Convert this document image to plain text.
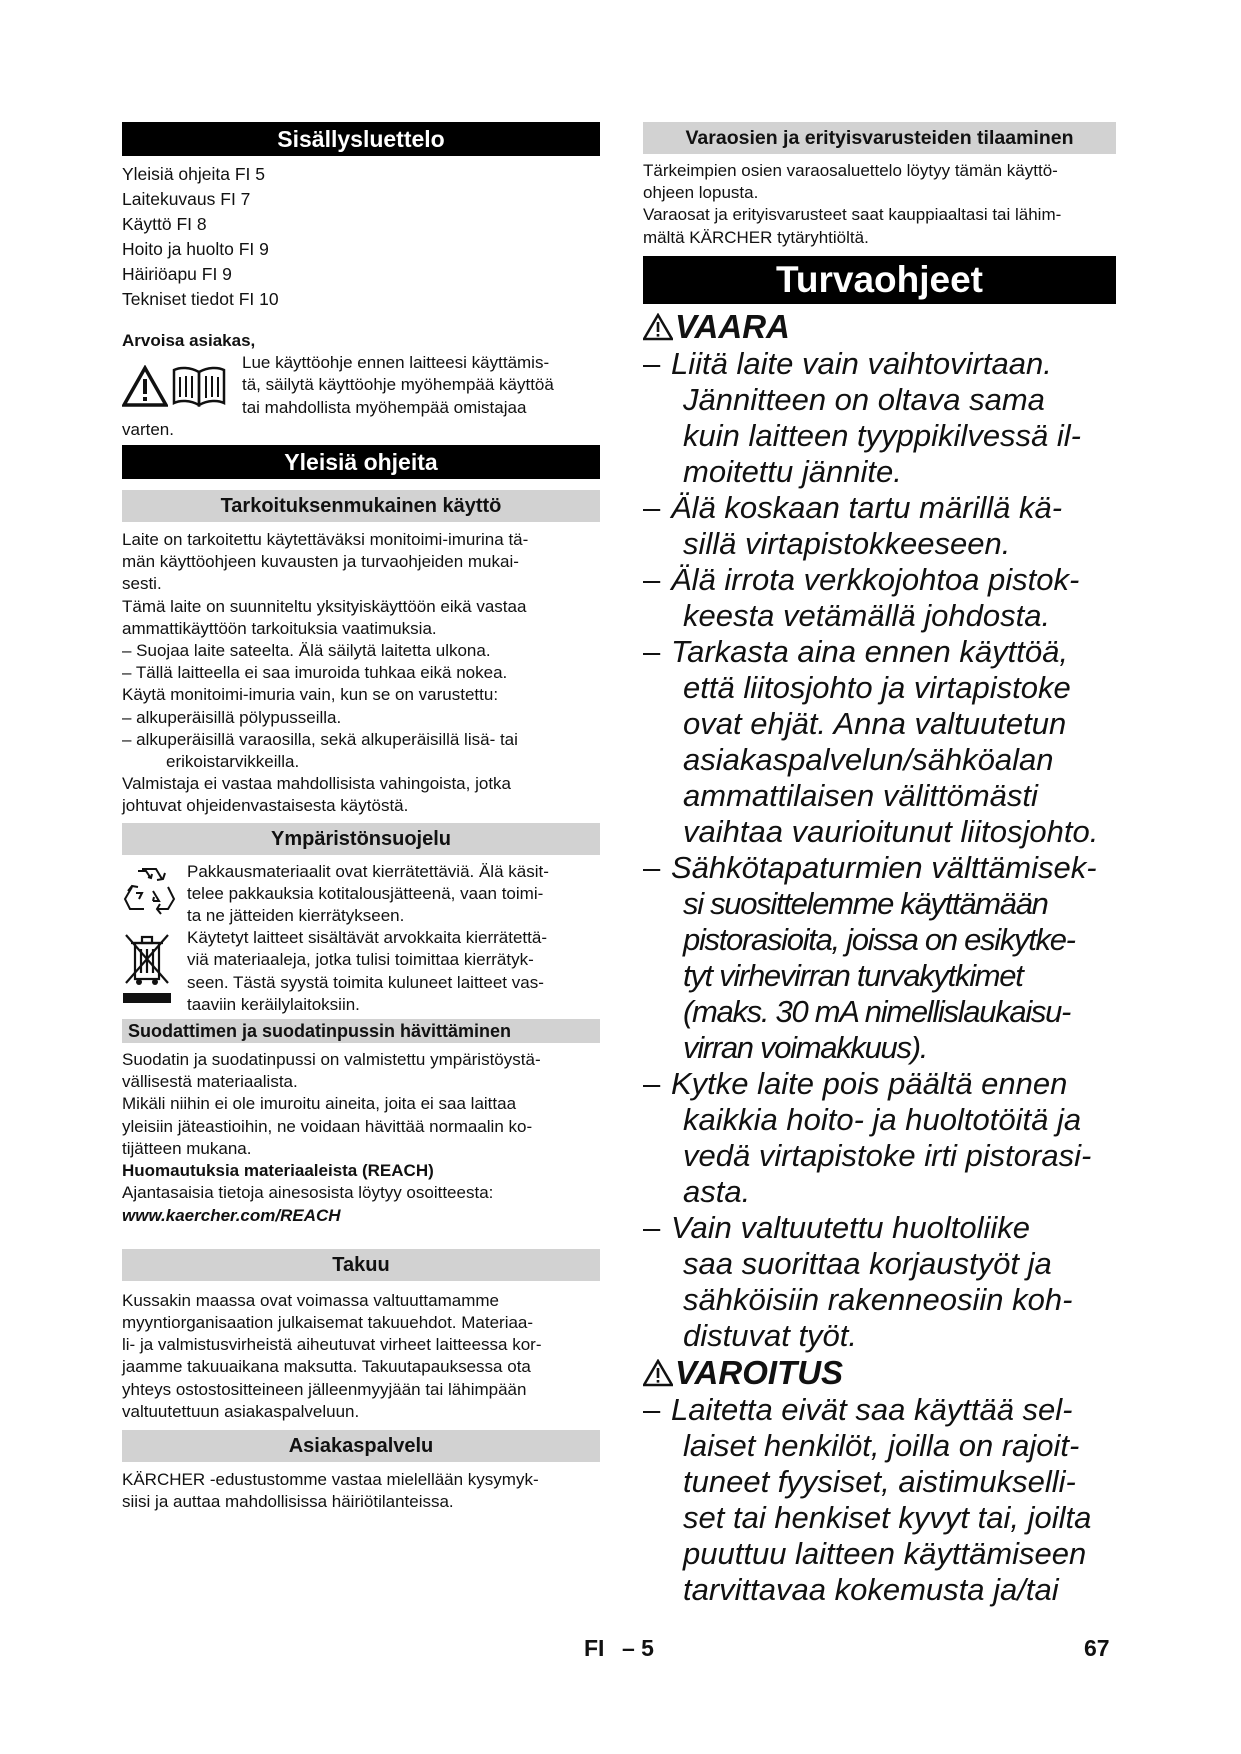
Sisällysluettelo
Yleisiä ohjeita FI 5
Laitekuvaus FI 7
Käyttö FI 8
Hoito ja huolto FI 9
Häiriöapu FI 9
Tekniset tiedot FI 10
Arvoisa asiakas,
Lue käyttöohje ennen laitteesi käyttämis-
tä, säilytä käyttöohje myöhempää käyttöä
tai mahdollista myöhempää omistajaa
varten.
Yleisiä ohjeita
Tarkoituksenmukainen käyttö
Laite on tarkoitettu käytettäväksi monitoimi-imurina tä-
män käyttöohjeen kuvausten ja turvaohjeiden mukai-
sesti.
Tämä laite on suunniteltu yksityiskäyttöön eikä vastaa
ammattikäyttöön tarkoituksia vaatimuksia.
– Suojaa laite sateelta. Älä säilytä laitetta ulkona.
– Tällä laitteella ei saa imuroida tuhkaa eikä nokea.
Käytä monitoimi-imuria vain, kun se on varustettu:
– alkuperäisillä pölypusseilla.
– alkuperäisillä varaosilla, sekä alkuperäisillä lisä- tai
erikoistarvikkeilla.
Valmistaja ei vastaa mahdollisista vahingoista, jotka
johtuvat ohjeidenvastaisesta käytöstä.
Ympäristönsuojelu
Pakkausmateriaalit ovat kierrätettäviä. Älä käsit-
telee pakkauksia kotitalousjätteenä, vaan toimi-
ta ne jätteiden kierrätykseen.
Käytetyt laitteet sisältävät arvokkaita kierrätettä-
viä materiaaleja, jotka tulisi toimittaa kierrätyk-
seen. Tästä syystä toimita kuluneet laitteet vas-
taaviin keräilylaitoksiin.
Suodattimen ja suodatinpussin hävittäminen
Suodatin ja suodatinpussi on valmistettu ympäristöystä-
vällisestä materiaalista.
Mikäli niihin ei ole imuroitu aineita, joita ei saa laittaa
yleisiin jäteastioihin, ne voidaan hävittää normaalin ko-
tijätteen mukana.
Huomautuksia materiaaleista (REACH)
Ajantasaisia tietoja ainesosista löytyy osoitteesta:
www.kaercher.com/REACH
Takuu
Kussakin maassa ovat voimassa valtuuttamamme
myyntiorganisaation julkaisemat takuuehdot. Materiaa-
li- ja valmistusvirheistä aiheutuvat virheet laitteessa kor-
jaamme takuuaikana maksutta. Takuutapauksessa ota
yhteys ostostositteineen jälleenmyyjään tai lähimpään
valtuutettuun asiakaspalveluun.
Asiakaspalvelu
KÄRCHER -edustustomme vastaa mielellään kysymyk-
siisi ja auttaa mahdollisissa häiriötilanteissa.
Varaosien ja erityisvarusteiden tilaaminen
Tärkeimpien osien varaosaluettelo löytyy tämän käyttö-
ohjeen lopusta.
Varaosat ja erityisvarusteet saat kauppiaaltasi tai lähim-
mältä KÄRCHER tytäryhtiöltä.
Turvaohjeet
VAARA
– Liitä laite vain vaihtovirtaan.
Jännitteen on oltava sama
kuin laitteen tyyppikilvessä il-
moitettu jännite.
– Älä koskaan tartu märillä kä-
sillä virtapistokkeeseen.
– Älä irrota verkkojohtoa pistok-
keesta vetämällä johdosta.
– Tarkasta aina ennen käyttöä,
että liitosjohto ja virtapistoke
ovat ehjät. Anna valtuutetun
asiakaspalvelun/sähköalan
ammattilaisen välittömästi
vaihtaa vaurioitunut liitosjohto.
– Sähkötapaturmien välttämisek-
si suosittelemme käyttämään
pistorasioita, joissa on esikytke-
tyt virhevirran turvakytkimet
(maks. 30 mA nimellislaukaisu-
virran voimakkuus).
– Kytke laite pois päältä ennen
kaikkia hoito- ja huoltotöitä ja
vedä virtapistoke irti pistorasi-
asta.
– Vain valtuutettu huoltoliike
saa suorittaa korjaustyöt ja
sähköisiin rakenneosiin koh-
distuvat työt.
VAROITUS
– Laitetta eivät saa käyttää sel-
laiset henkilöt, joilla on rajoit-
tuneet fyysiset, aistimukselli-
set tai henkiset kyvyt tai, joilta
puuttuu laitteen käyttämiseen
tarvittavaa kokemusta ja/tai
FI – 5	67
